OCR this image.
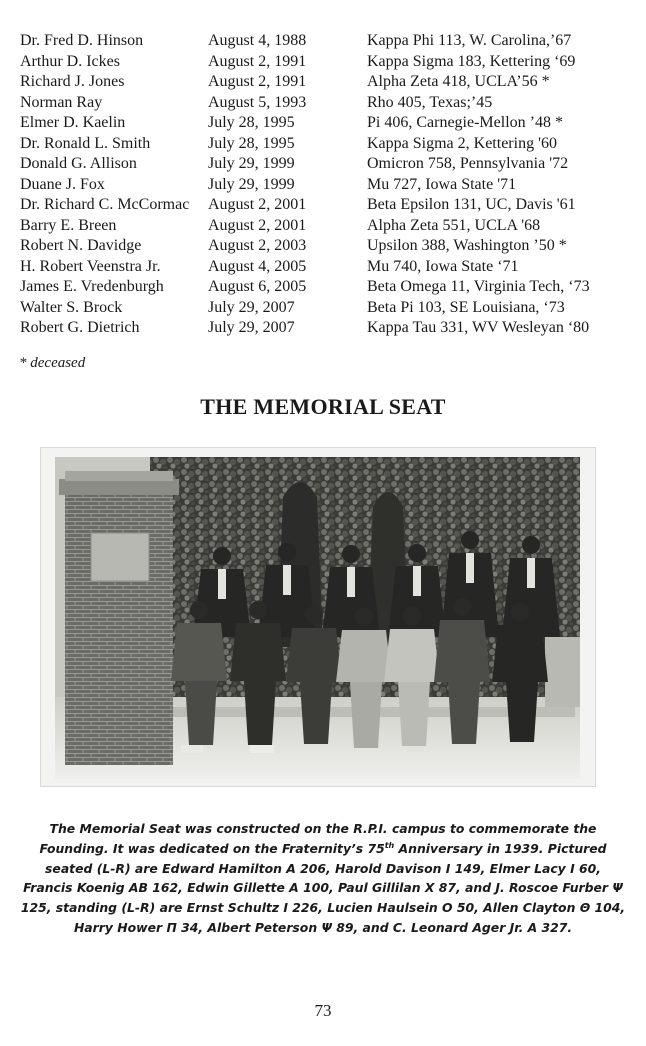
Dr. Fred D. Hinson	August 4, 1988	Kappa Phi 113, W. Carolina,’67
Arthur D. Ickes	August 2, 1991	Kappa Sigma 183, Kettering ‘69
Richard J. Jones	August 2, 1991	Alpha Zeta 418, UCLA’56 *
Norman Ray	August 5, 1993	Rho 405, Texas;’45
Elmer D. Kaelin	July 28, 1995	Pi 406, Carnegie-Mellon ’48 *
Dr. Ronald L. Smith	July 28, 1995	Kappa Sigma 2, Kettering '60
Donald G. Allison	July 29, 1999	Omicron 758, Pennsylvania '72
Duane J. Fox	July 29, 1999	Mu 727, Iowa State '71
Dr. Richard C. McCormac August 2, 2001	Beta Epsilon 131, UC, Davis '61
Barry E. Breen	August 2, 2001	Alpha Zeta 551, UCLA '68
Robert N. Davidge	August 2, 2003	Upsilon 388, Washington ’50 *
H. Robert Veenstra Jr.	August 4, 2005	Mu 740, Iowa State ‘71
James E. Vredenburgh	August 6, 2005	Beta Omega 11, Virginia Tech, ‘73
Walter S. Brock	July 29, 2007	Beta Pi 103, SE Louisiana, ‘73
Robert G. Dietrich	July 29, 2007	Kappa Tau 331, WV Wesleyan ‘80
* deceased
THE MEMORIAL SEAT
The Memorial Seat was constructed on the R.P.I. campus to commemorate the Founding. It was dedicated on the Fraternity’s 75th Anniversary in 1939. Pictured seated (L-R) are Edward Hamilton A 206, Harold Davison I 149, Elmer Lacy I 60, Francis Koenig AB 162, Edwin Gillette A 100, Paul Gillilan X 87, and J. Roscoe Furber Ψ 125, standing (L-R) are Ernst Schultz I 226, Lucien Haulsein O 50, Allen Clayton Θ 104, Harry Hower Π 34, Albert Peterson Ψ 89, and C. Leonard Ager Jr. A 327.
73
